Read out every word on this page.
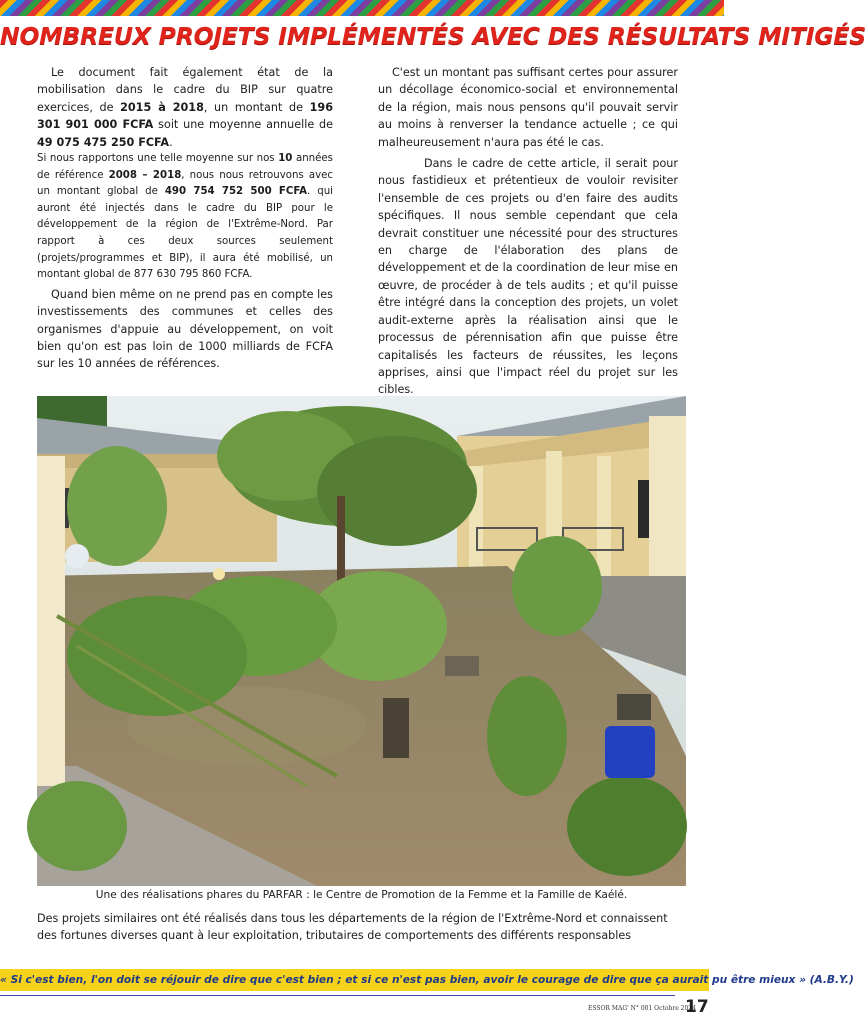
NOMBREUX PROJETS IMPLÉMENTÉS AVEC DES RÉSULTATS MITIGÉS

Le document fait également état de la mobilisation dans le cadre du BIP sur quatre exercices, de 2015 à 2018, un montant de 196 301 901 000 FCFA soit une moyenne annuelle de 49 075 475 250 FCFA.

Si nous rapportons une telle moyenne sur nos 10 années de référence 2008 – 2018, nous nous retrouvons avec un montant global de 490 754 752 500 FCFA. qui auront été injectés dans le cadre du BIP pour le développement de la région de l'Extrême-Nord. Par rapport à ces deux sources seulement (projets/programmes et BIP), il aura été mobilisé, un montant global de 877 630 795 860 FCFA.

Quand bien même on ne prend pas en compte les investissements des communes et celles des organismes d'appuie au développement, on voit bien qu'on est pas loin de 1000 milliards de FCFA sur les 10 années de références.

C'est un montant pas suffisant certes pour assurer un décollage économico-social et environnemental de la région, mais nous pensons qu'il pouvait servir au moins à renverser la tendance actuelle ; ce qui malheureusement n'aura pas été le cas.

Dans le cadre de cette article, il serait pour nous fastidieux et prétentieux de vouloir revisiter l'ensemble de ces projets ou d'en faire des audits spécifiques. Il nous semble cependant que cela devrait constituer une nécessité pour des structures en charge de l'élaboration des plans de développement et de la coordination de leur mise en œuvre, de procéder à de tels audits ; et qu'il puisse être intégré dans la conception des projets, un volet audit-externe après la réalisation ainsi que le processus de pérennisation afin que puisse être capitalisés les facteurs de réussites, les leçons apprises, ainsi que l'impact réel du projet sur les cibles.

Une des réalisations phares du PARFAR : le Centre de Promotion de la Femme et la Famille de Kaélé.

Des projets similaires ont été réalisés dans tous les départements de la région de l'Extrême-Nord et connaissent des fortunes diverses quant à leur exploitation, tributaires de comportements des différents responsables

« Si c'est bien, l'on doit se réjouir de dire que c'est bien ; et si ce n'est pas bien, avoir le courage de dire que ça aurait pu être mieux » (A.B.Y.)
ESSOR MAG' N° 001 Octobre 2024
17
